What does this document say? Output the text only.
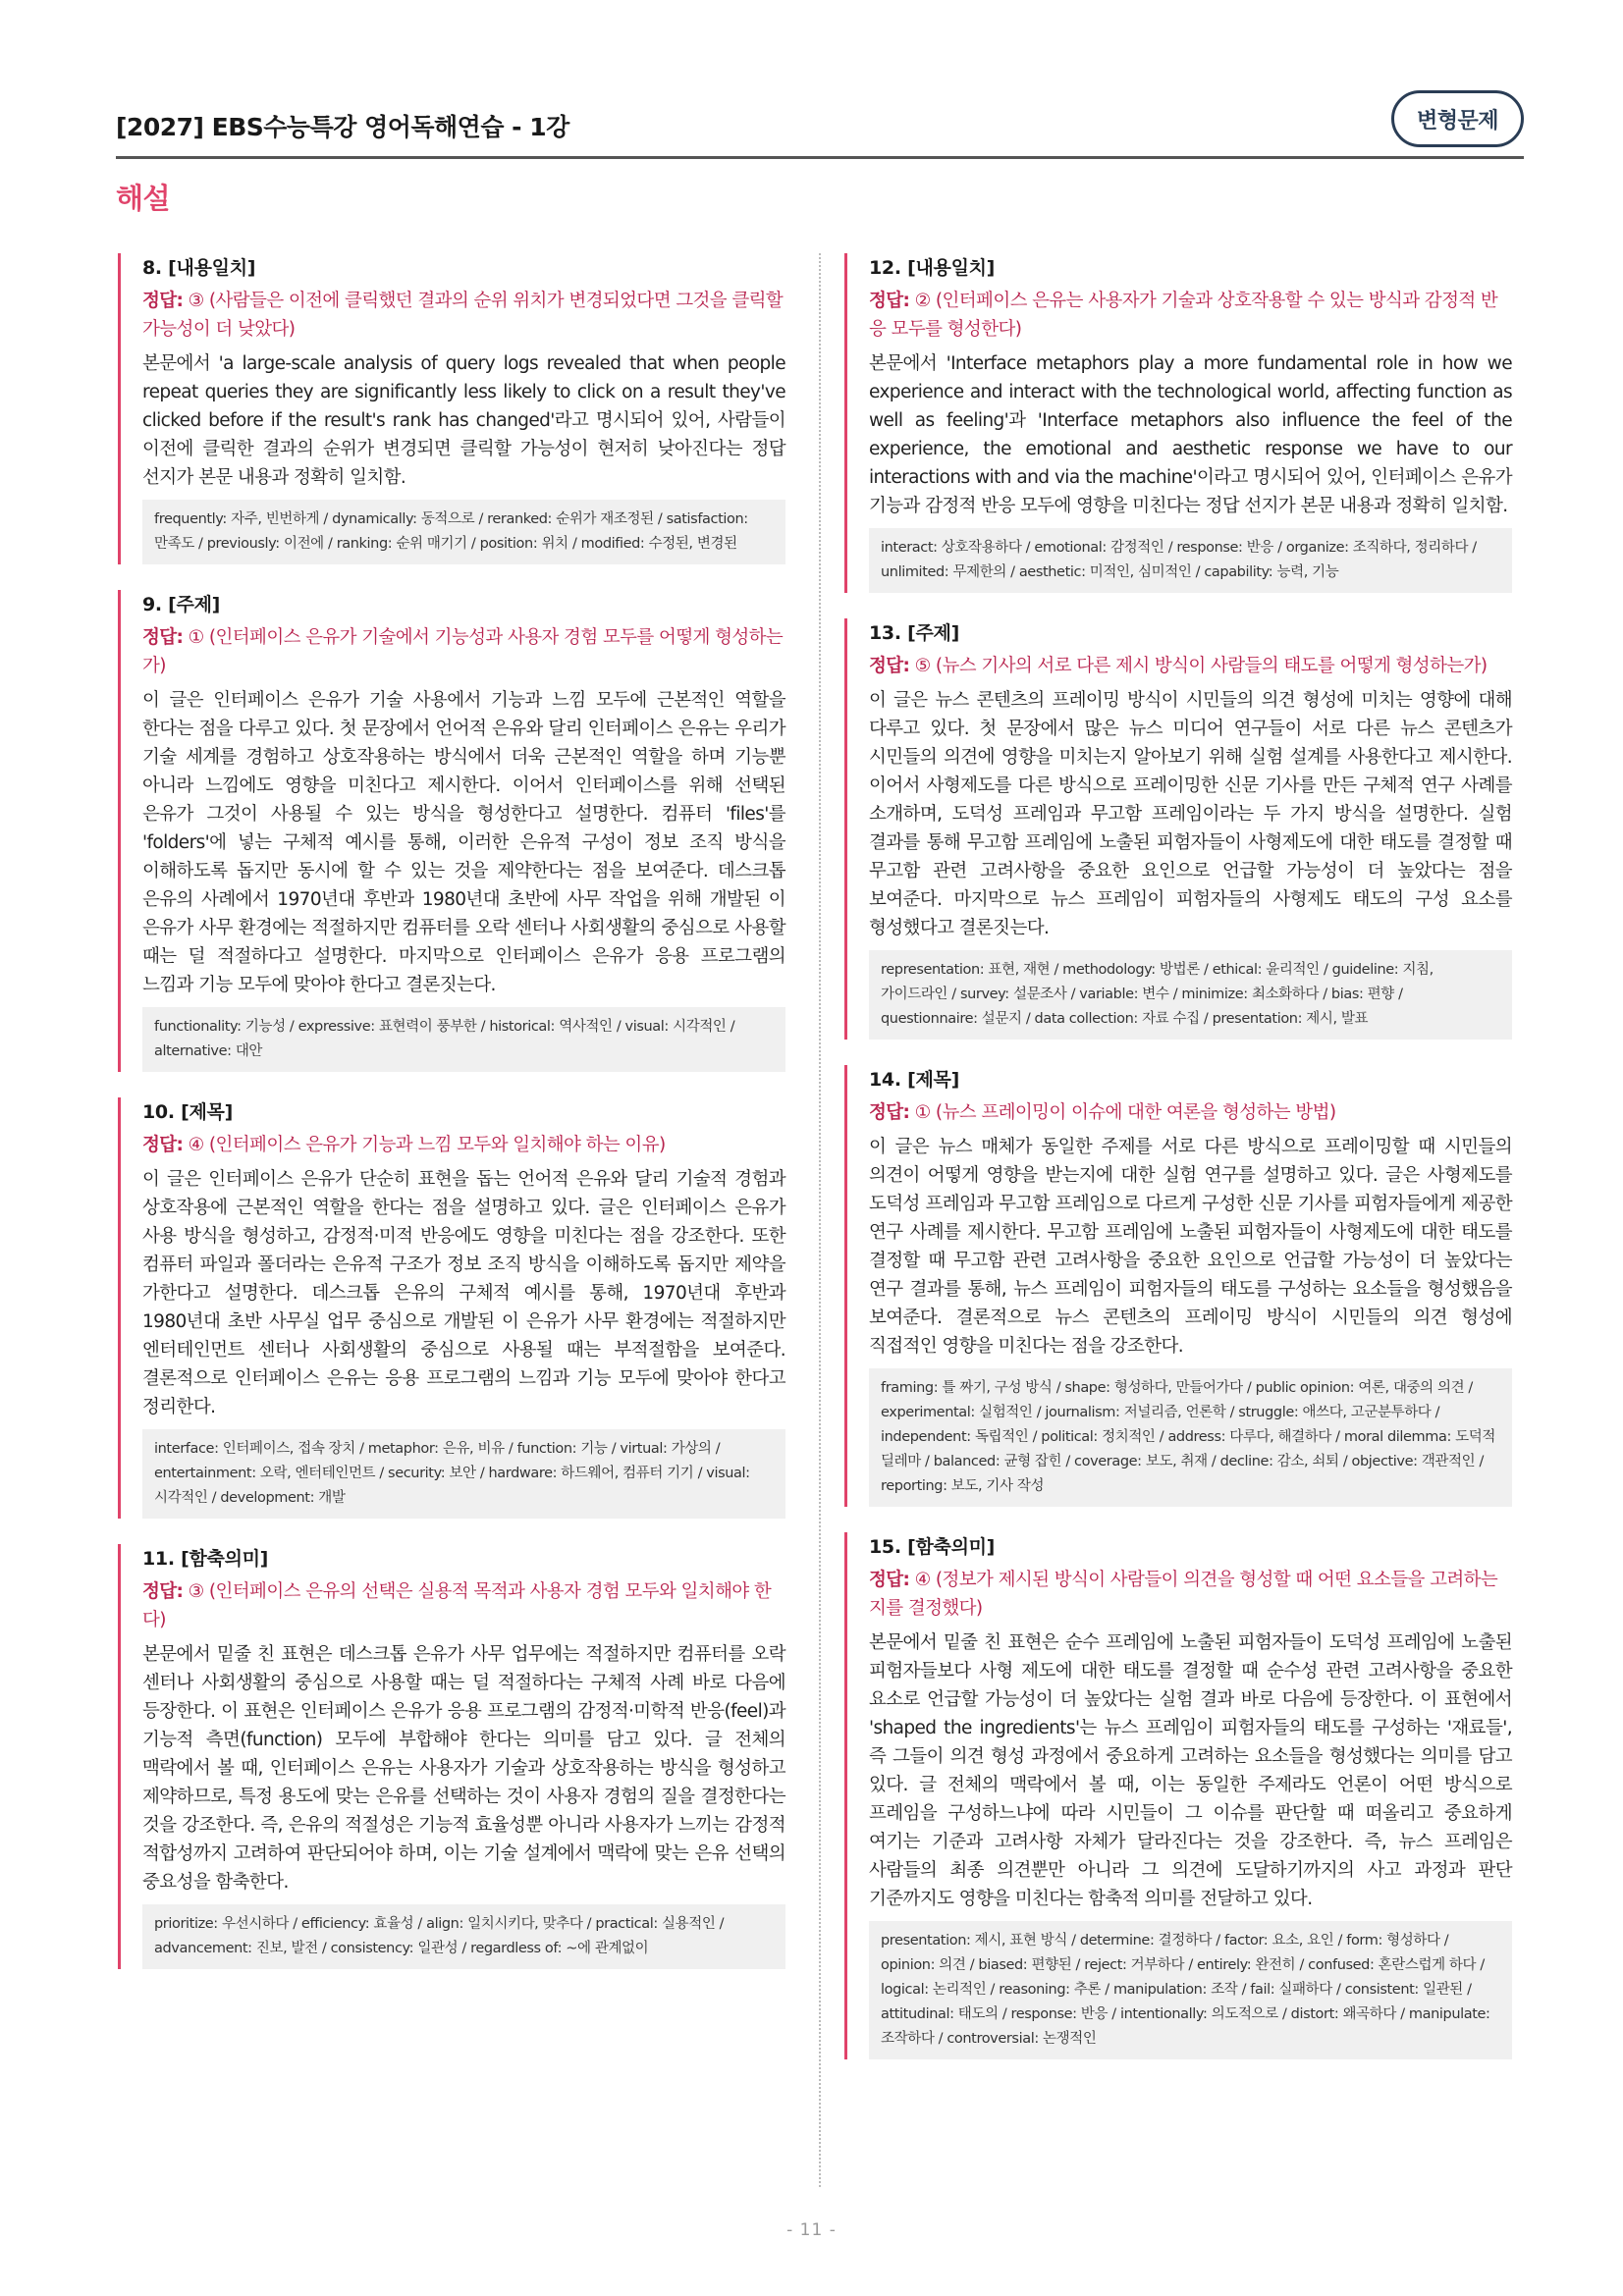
[2027] EBS수능특강 영어독해연습 - 1강	변형문제
해설
8. [내용일치]
정답: ③ (사람들은 이전에 클릭했던 결과의 순위 위치가 변경되었다면 그것을 클릭할 가능성이 더 낮았다)
본문에서 'a large-scale analysis of query logs revealed that when people repeat queries they are significantly less likely to click on a result they've clicked before if the result's rank has changed'라고 명시되어 있어, 사람들이 이전에 클릭한 결과의 순위가 변경되면 클릭할 가능성이 현저히 낮아진다는 정답 선지가 본문 내용과 정확히 일치함.
frequently: 자주, 빈번하게 / dynamically: 동적으로 / reranked: 순위가 재조정된 / satisfaction: 만족도 / previously: 이전에 / ranking: 순위 매기기 / position: 위치 / modified: 수정된, 변경된
9. [주제]
정답: ① (인터페이스 은유가 기술에서 기능성과 사용자 경험 모두를 어떻게 형성하는가)
이 글은 인터페이스 은유가 기술 사용에서 기능과 느낌 모두에 근본적인 역할을 한다는 점을 다루고 있다. 첫 문장에서 언어적 은유와 달리 인터페이스 은유는 우리가 기술 세계를 경험하고 상호작용하는 방식에서 더욱 근본적인 역할을 하며 기능뿐 아니라 느낌에도 영향을 미친다고 제시한다. 이어서 인터페이스를 위해 선택된 은유가 그것이 사용될 수 있는 방식을 형성한다고 설명한다. 컴퓨터 'files'를 'folders'에 넣는 구체적 예시를 통해, 이러한 은유적 구성이 정보 조직 방식을 이해하도록 돕지만 동시에 할 수 있는 것을 제약한다는 점을 보여준다. 데스크톱 은유의 사례에서 1970년대 후반과 1980년대 초반에 사무 작업을 위해 개발된 이 은유가 사무 환경에는 적절하지만 컴퓨터를 오락 센터나 사회생활의 중심으로 사용할 때는 덜 적절하다고 설명한다. 마지막으로 인터페이스 은유가 응용 프로그램의 느낌과 기능 모두에 맞아야 한다고 결론짓는다.
functionality: 기능성 / expressive: 표현력이 풍부한 / historical: 역사적인 / visual: 시각적인 / alternative: 대안
10. [제목]
정답: ④ (인터페이스 은유가 기능과 느낌 모두와 일치해야 하는 이유)
이 글은 인터페이스 은유가 단순히 표현을 돕는 언어적 은유와 달리 기술적 경험과 상호작용에 근본적인 역할을 한다는 점을 설명하고 있다. 글은 인터페이스 은유가 사용 방식을 형성하고, 감정적·미적 반응에도 영향을 미친다는 점을 강조한다. 또한 컴퓨터 파일과 폴더라는 은유적 구조가 정보 조직 방식을 이해하도록 돕지만 제약을 가한다고 설명한다. 데스크톱 은유의 구체적 예시를 통해, 1970년대 후반과 1980년대 초반 사무실 업무 중심으로 개발된 이 은유가 사무 환경에는 적절하지만 엔터테인먼트 센터나 사회생활의 중심으로 사용될 때는 부적절함을 보여준다. 결론적으로 인터페이스 은유는 응용 프로그램의 느낌과 기능 모두에 맞아야 한다고 정리한다.
interface: 인터페이스, 접속 장치 / metaphor: 은유, 비유 / function: 기능 / virtual: 가상의 / entertainment: 오락, 엔터테인먼트 / security: 보안 / hardware: 하드웨어, 컴퓨터 기기 / visual: 시각적인 / development: 개발
11. [함축의미]
정답: ③ (인터페이스 은유의 선택은 실용적 목적과 사용자 경험 모두와 일치해야 한다)
본문에서 밑줄 친 표현은 데스크톱 은유가 사무 업무에는 적절하지만 컴퓨터를 오락 센터나 사회생활의 중심으로 사용할 때는 덜 적절하다는 구체적 사례 바로 다음에 등장한다. 이 표현은 인터페이스 은유가 응용 프로그램의 감정적·미학적 반응(feel)과 기능적 측면(function) 모두에 부합해야 한다는 의미를 담고 있다. 글 전체의 맥락에서 볼 때, 인터페이스 은유는 사용자가 기술과 상호작용하는 방식을 형성하고 제약하므로, 특정 용도에 맞는 은유를 선택하는 것이 사용자 경험의 질을 결정한다는 것을 강조한다. 즉, 은유의 적절성은 기능적 효율성뿐 아니라 사용자가 느끼는 감정적 적합성까지 고려하여 판단되어야 하며, 이는 기술 설계에서 맥락에 맞는 은유 선택의 중요성을 함축한다.
prioritize: 우선시하다 / efficiency: 효율성 / align: 일치시키다, 맞추다 / practical: 실용적인 / advancement: 진보, 발전 / consistency: 일관성 / regardless of: ~에 관계없이
12. [내용일치]
정답: ② (인터페이스 은유는 사용자가 기술과 상호작용할 수 있는 방식과 감정적 반응 모두를 형성한다)
본문에서 'Interface metaphors play a more fundamental role in how we experience and interact with the technological world, affecting function as well as feeling'과 'Interface metaphors also influence the feel of the experience, the emotional and aesthetic response we have to our interactions with and via the machine'이라고 명시되어 있어, 인터페이스 은유가 기능과 감정적 반응 모두에 영향을 미친다는 정답 선지가 본문 내용과 정확히 일치함.
interact: 상호작용하다 / emotional: 감정적인 / response: 반응 / organize: 조직하다, 정리하다 / unlimited: 무제한의 / aesthetic: 미적인, 심미적인 / capability: 능력, 기능
13. [주제]
정답: ⑤ (뉴스 기사의 서로 다른 제시 방식이 사람들의 태도를 어떻게 형성하는가)
이 글은 뉴스 콘텐츠의 프레이밍 방식이 시민들의 의견 형성에 미치는 영향에 대해 다루고 있다. 첫 문장에서 많은 뉴스 미디어 연구들이 서로 다른 뉴스 콘텐츠가 시민들의 의견에 영향을 미치는지 알아보기 위해 실험 설계를 사용한다고 제시한다. 이어서 사형제도를 다른 방식으로 프레이밍한 신문 기사를 만든 구체적 연구 사례를 소개하며, 도덕성 프레임과 무고함 프레임이라는 두 가지 방식을 설명한다. 실험 결과를 통해 무고함 프레임에 노출된 피험자들이 사형제도에 대한 태도를 결정할 때 무고함 관련 고려사항을 중요한 요인으로 언급할 가능성이 더 높았다는 점을 보여준다. 마지막으로 뉴스 프레임이 피험자들의 사형제도 태도의 구성 요소를 형성했다고 결론짓는다.
representation: 표현, 재현 / methodology: 방법론 / ethical: 윤리적인 / guideline: 지침, 가이드라인 / survey: 설문조사 / variable: 변수 / minimize: 최소화하다 / bias: 편향 / questionnaire: 설문지 / data collection: 자료 수집 / presentation: 제시, 발표
14. [제목]
정답: ① (뉴스 프레이밍이 이슈에 대한 여론을 형성하는 방법)
이 글은 뉴스 매체가 동일한 주제를 서로 다른 방식으로 프레이밍할 때 시민들의 의견이 어떻게 영향을 받는지에 대한 실험 연구를 설명하고 있다. 글은 사형제도를 도덕성 프레임과 무고함 프레임으로 다르게 구성한 신문 기사를 피험자들에게 제공한 연구 사례를 제시한다. 무고함 프레임에 노출된 피험자들이 사형제도에 대한 태도를 결정할 때 무고함 관련 고려사항을 중요한 요인으로 언급할 가능성이 더 높았다는 연구 결과를 통해, 뉴스 프레임이 피험자들의 태도를 구성하는 요소들을 형성했음을 보여준다. 결론적으로 뉴스 콘텐츠의 프레이밍 방식이 시민들의 의견 형성에 직접적인 영향을 미친다는 점을 강조한다.
framing: 틀 짜기, 구성 방식 / shape: 형성하다, 만들어가다 / public opinion: 여론, 대중의 의견 / experimental: 실험적인 / journalism: 저널리즘, 언론학 / struggle: 애쓰다, 고군분투하다 / independent: 독립적인 / political: 정치적인 / address: 다루다, 해결하다 / moral dilemma: 도덕적 딜레마 / balanced: 균형 잡힌 / coverage: 보도, 취재 / decline: 감소, 쇠퇴 / objective: 객관적인 / reporting: 보도, 기사 작성
15. [함축의미]
정답: ④ (정보가 제시된 방식이 사람들이 의견을 형성할 때 어떤 요소들을 고려하는지를 결정했다)
본문에서 밑줄 친 표현은 순수 프레임에 노출된 피험자들이 도덕성 프레임에 노출된 피험자들보다 사형 제도에 대한 태도를 결정할 때 순수성 관련 고려사항을 중요한 요소로 언급할 가능성이 더 높았다는 실험 결과 바로 다음에 등장한다. 이 표현에서 'shaped the ingredients'는 뉴스 프레임이 피험자들의 태도를 구성하는 '재료들', 즉 그들이 의견 형성 과정에서 중요하게 고려하는 요소들을 형성했다는 의미를 담고 있다. 글 전체의 맥락에서 볼 때, 이는 동일한 주제라도 언론이 어떤 방식으로 프레임을 구성하느냐에 따라 시민들이 그 이슈를 판단할 때 떠올리고 중요하게 여기는 기준과 고려사항 자체가 달라진다는 것을 강조한다. 즉, 뉴스 프레임은 사람들의 최종 의견뿐만 아니라 그 의견에 도달하기까지의 사고 과정과 판단 기준까지도 영향을 미친다는 함축적 의미를 전달하고 있다.
presentation: 제시, 표현 방식 / determine: 결정하다 / factor: 요소, 요인 / form: 형성하다 / opinion: 의견 / biased: 편향된 / reject: 거부하다 / entirely: 완전히 / confused: 혼란스럽게 하다 / logical: 논리적인 / reasoning: 추론 / manipulation: 조작 / fail: 실패하다 / consistent: 일관된 / attitudinal: 태도의 / response: 반응 / intentionally: 의도적으로 / distort: 왜곡하다 / manipulate: 조작하다 / controversial: 논쟁적인
- 11 -
